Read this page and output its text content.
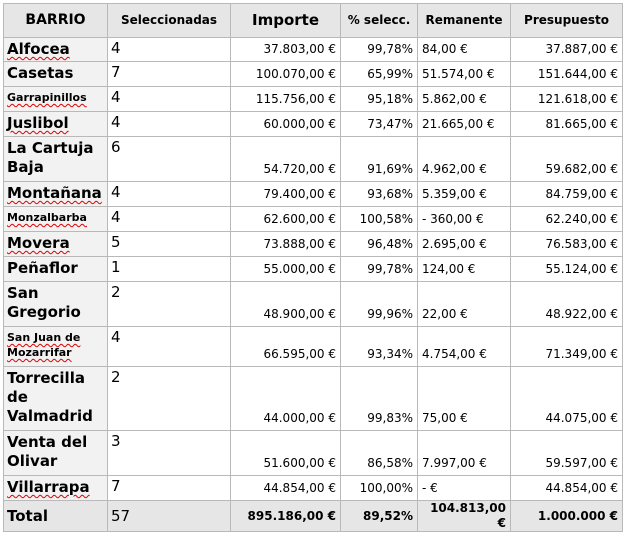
BARRIO	Seleccionadas	Importe	% selecc.	Remanente	Presupuesto
Alfocea	4	37.803,00 €	99,78%	84,00 €	37.887,00 €
Casetas	7	100.070,00 €	65,99%	51.574,00 €	151.644,00 €
Garrapinillos	4	115.756,00 €	95,18%	5.862,00 €	121.618,00 €
Juslibol	4	60.000,00 €	73,47%	21.665,00 €	81.665,00 €
La Cartuja Baja	6	54.720,00 €	91,69%	4.962,00 €	59.682,00 €
Montañana	4	79.400,00 €	93,68%	5.359,00 €	84.759,00 €
Monzalbarba	4	62.600,00 €	100,58%	- 360,00 €	62.240,00 €
Movera	5	73.888,00 €	96,48%	2.695,00 €	76.583,00 €
Peñaflor	1	55.000,00 €	99,78%	124,00 €	55.124,00 €
San Gregorio	2	48.900,00 €	99,96%	22,00 €	48.922,00 €
San Juan de Mozarrifar	4	66.595,00 €	93,34%	4.754,00 €	71.349,00 €
Torrecilla de Valmadrid	2	44.000,00 €	99,83%	75,00 €	44.075,00 €
Venta del Olivar	3	51.600,00 €	86,58%	7.997,00 €	59.597,00 €
Villarrapa	7	44.854,00 €	100,00%	- €	44.854,00 €
Total	57	895.186,00 €	89,52%	104.813,00 €	1.000.000 €
